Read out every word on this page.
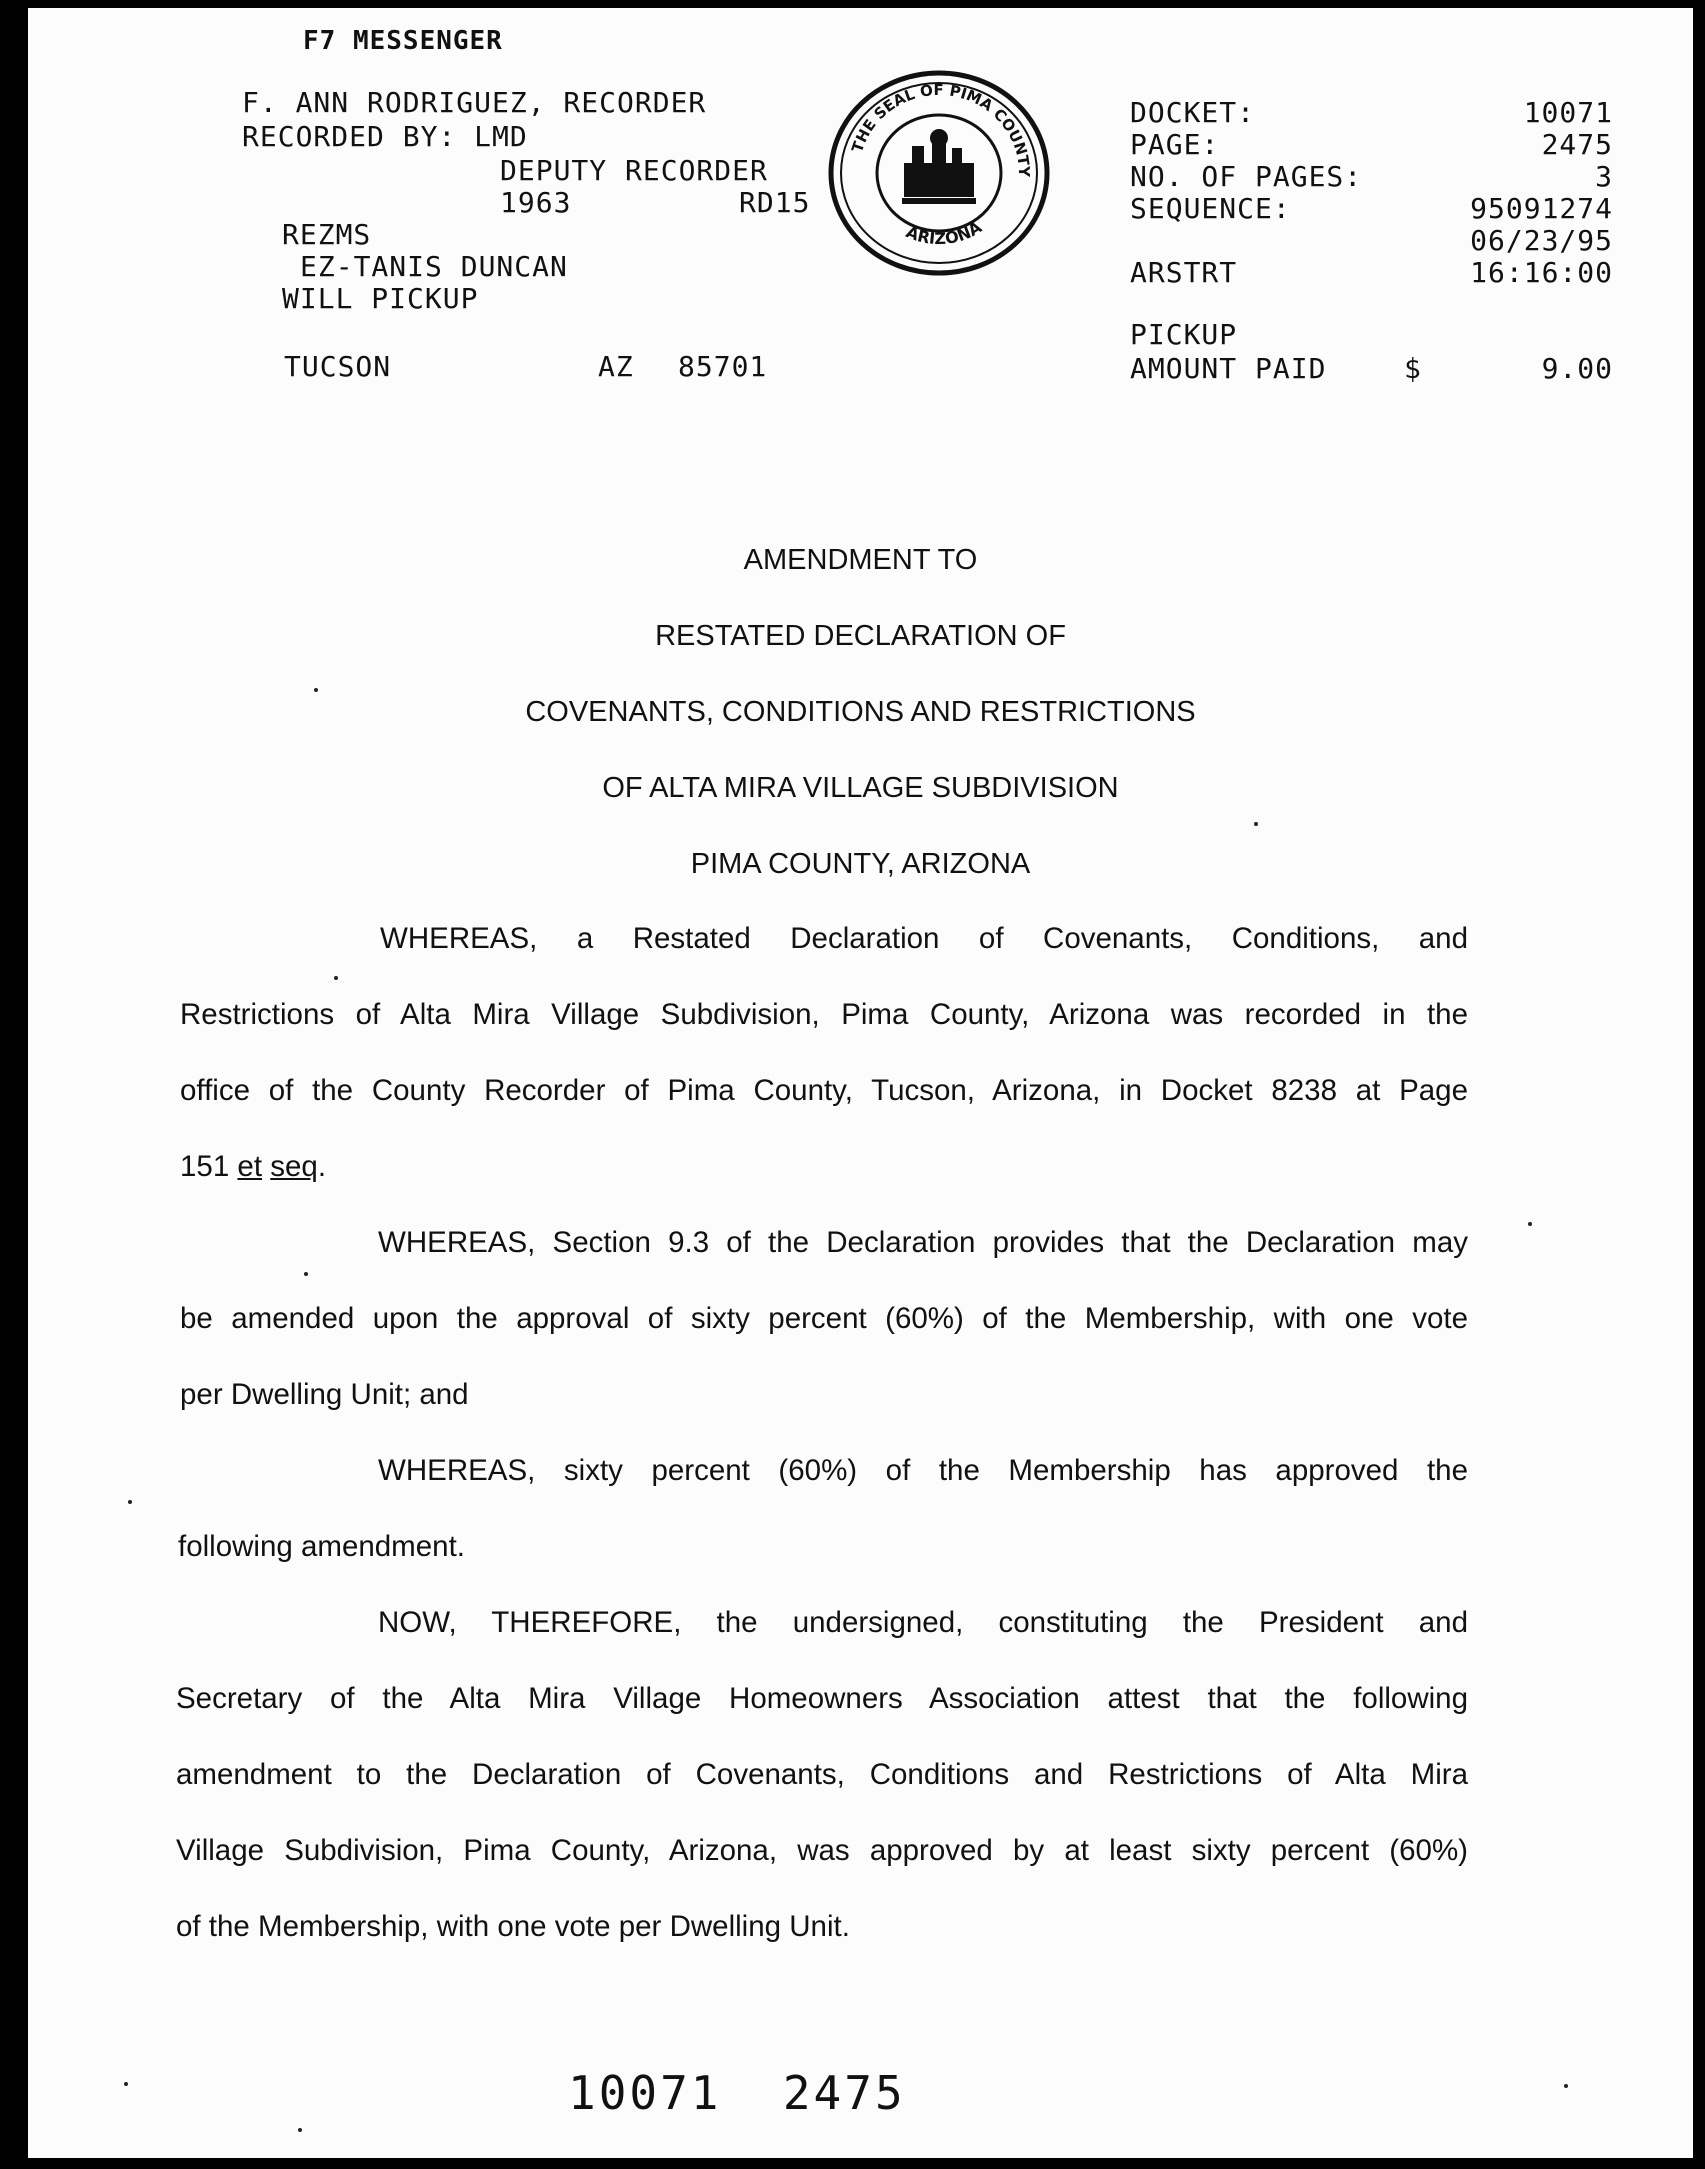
F7 MESSENGER
F. ANN RODRIGUEZ, RECORDER
RECORDED BY: LMD
DEPUTY RECORDER
1963	RD15
REZMS
EZ-TANIS DUNCAN
WILL PICKUP
TUCSON	AZ 85701
THE SEAL OF PIMA COUNTY
ARIZONA
DOCKET:	10071
PAGE:	2475
NO. OF PAGES:	3
SEQUENCE:	95091274
06/23/95
ARSTRT	16:16:00
PICKUP
AMOUNT PAID	$	9.00
AMENDMENT TO
RESTATED DECLARATION OF
COVENANTS, CONDITIONS AND RESTRICTIONS
OF ALTA MIRA VILLAGE SUBDIVISION
PIMA COUNTY, ARIZONA
WHEREAS, a Restated Declaration of Covenants, Conditions, and
Restrictions of Alta Mira Village Subdivision, Pima County, Arizona was recorded in the
office of the County Recorder of Pima County, Tucson, Arizona, in Docket 8238 at Page
151 et seq.
WHEREAS, Section 9.3 of the Declaration provides that the Declaration may
be amended upon the approval of sixty percent (60%) of the Membership, with one vote
per Dwelling Unit; and
WHEREAS, sixty percent (60%) of the Membership has approved the
following amendment.
NOW, THEREFORE, the undersigned, constituting the President and
Secretary of the Alta Mira Village Homeowners Association attest that the following
amendment to the Declaration of Covenants, Conditions and Restrictions of Alta Mira
Village Subdivision, Pima County, Arizona, was approved by at least sixty percent (60%)
of the Membership, with one vote per Dwelling Unit.
10071  2475
